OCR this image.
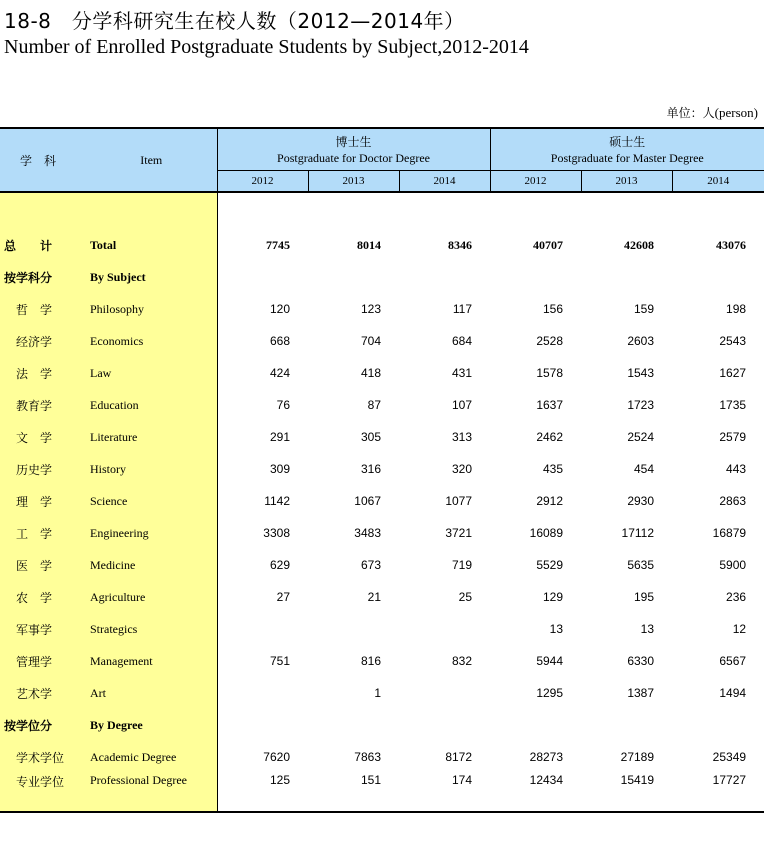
18-8　分学科研究生在校人数（2012—2014年）
Number of Enrolled Postgraduate Students by Subject,2012-2014
单位：人(person)
学　科	Item	博士生
Postgraduate for Doctor Degree			硕士生
Postgraduate for Master Degree		

		2012	2013	2014	2012	2013	2014

总　　计	Total	7745	8014	8346	40707	42608	43076
按学科分	By Subject						
哲　学	Philosophy	120	123	117	156	159	198
经济学	Economics	668	704	684	2528	2603	2543
法　学	Law	424	418	431	1578	1543	1627
教育学	Education	76	87	107	1637	1723	1735
文　学	Literature	291	305	313	2462	2524	2579
历史学	History	309	316	320	435	454	443
理　学	Science	1142	1067	1077	2912	2930	2863
工　学	Engineering	3308	3483	3721	16089	17112	16879
医　学	Medicine	629	673	719	5529	5635	5900
农　学	Agriculture	27	21	25	129	195	236
军事学	Strategics				13	13	12
管理学	Management	751	816	832	5944	6330	6567
艺术学	Art		1		1295	1387	1494
按学位分	By Degree						
学术学位	Academic Degree	7620	7863	8172	28273	27189	25349
专业学位	Professional Degree	125	151	174	12434	15419	17727
